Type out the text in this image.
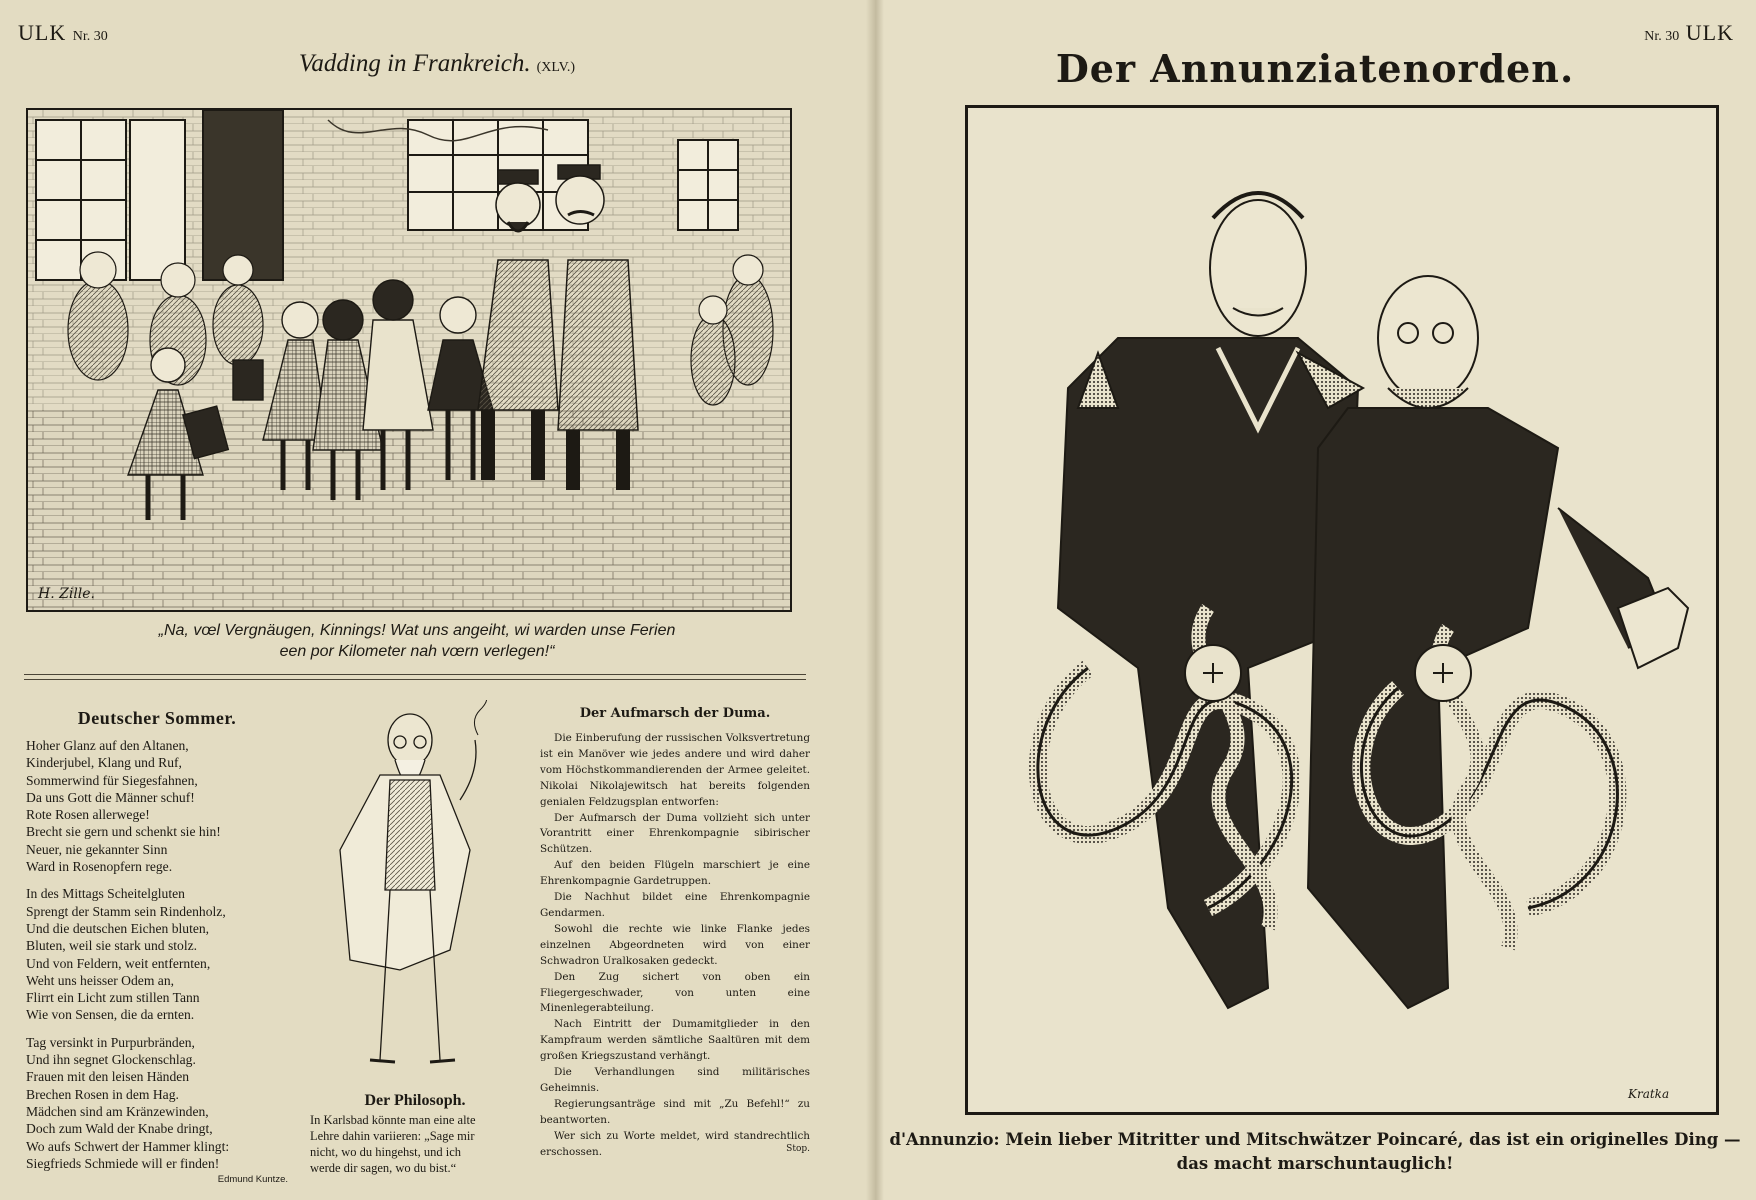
ULK Nr. 30
Vadding in Frankreich. (XLV.)
H. Zille.
„Na, vœl Vergnäugen, Kinnings! Wat uns angeiht, wi warden unse Ferien
een por Kilometer nah vœrn verlegen!“
Deutscher Sommer.
Hoher Glanz auf den Altanen,
Kinderjubel, Klang und Ruf,
Sommerwind für Siegesfahnen,
Da uns Gott die Männer schuf!
Rote Rosen allerwege!
Brecht sie gern und schenkt sie hin!
Neuer, nie gekannter Sinn
Ward in Rosenopfern rege.
In des Mittags Scheitelgluten
Sprengt der Stamm sein Rindenholz,
Und die deutschen Eichen bluten,
Bluten, weil sie stark und stolz.
Und von Feldern, weit entfernten,
Weht uns heisser Odem an,
Flirrt ein Licht zum stillen Tann
Wie von Sensen, die da ernten.
Tag versinkt in Purpurbränden,
Und ihn segnet Glockenschlag.
Frauen mit den leisen Händen
Brechen Rosen in dem Hag.
Mädchen sind am Kränzewinden,
Doch zum Wald der Knabe dringt,
Wo aufs Schwert der Hammer klingt:
Siegfrieds Schmiede will er finden!
Edmund Kuntze.
Der Philosoph.
In Karlsbad könnte man eine alte
Lehre dahin variieren: „Sage mir
nicht, wo du hingehst, und ich
werde dir sagen, wo du bist.“
Der Aufmarsch der Duma.

Die Einberufung der russischen Volksvertretung ist ein Manöver wie jedes andere und wird daher vom Höchstkommandierenden der Armee geleitet. Nikolai Nikolajewitsch hat bereits folgenden genialen Feldzugsplan entworfen:

Der Aufmarsch der Duma vollzieht sich unter Vorantritt einer Ehrenkompagnie sibirischer Schützen.

Auf den beiden Flügeln marschiert je eine Ehrenkompagnie Gardetruppen.

Die Nachhut bildet eine Ehrenkompagnie Gendarmen.

Sowohl die rechte wie linke Flanke jedes einzelnen Abgeordneten wird von einer Schwadron Uralkosaken gedeckt.

Den Zug sichert von oben ein Fliegergeschwader, von unten eine Minenlegerabteilung.

Nach Eintritt der Dumamitglieder in den Kampfraum werden sämtliche Saaltüren mit dem großen Kriegszustand verhängt.

Die Verhandlungen sind militärisches Geheimnis.

Regierungsanträge sind mit „Zu Befehl!“ zu beantworten.

Wer sich zu Worte meldet, wird standrechtlich erschossen.	Stop.
Nr. 30 ULK
Der Annunziatenorden.
Kratka
d'Annunzio: Mein lieber Mitritter und Mitschwätzer Poincaré, das ist ein originelles Ding —
das macht marschuntauglich!
